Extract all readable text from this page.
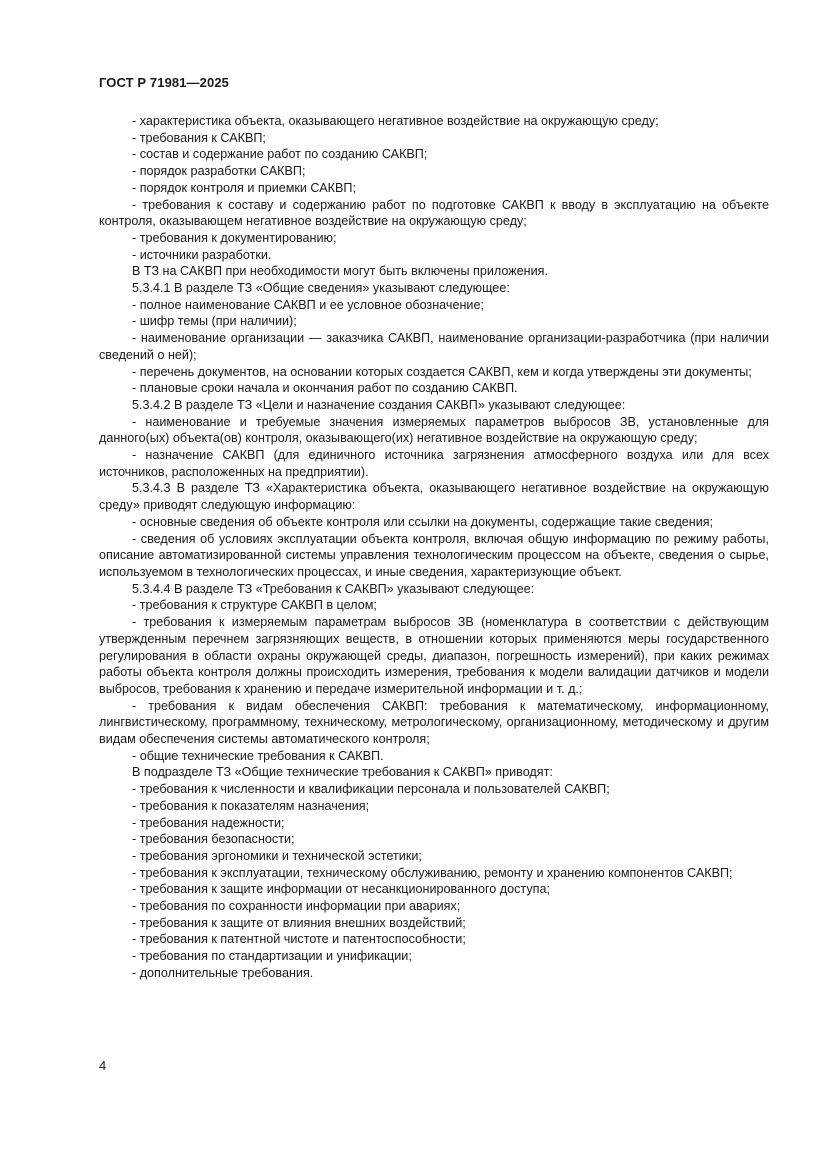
ГОСТ Р 71981—2025

- характеристика объекта, оказывающего негативное воздействие на окружающую среду;

- требования к САКВП;

- состав и содержание работ по созданию САКВП;

- порядок разработки САКВП;

- порядок контроля и приемки САКВП;

- требования к составу и содержанию работ по подготовке САКВП к вводу в эксплуатацию на объекте контроля, оказывающем негативное воздействие на окружающую среду;

- требования к документированию;

- источники разработки.

В ТЗ на САКВП при необходимости могут быть включены приложения.

5.3.4.1 В разделе ТЗ «Общие сведения» указывают следующее:

- полное наименование САКВП и ее условное обозначение;

- шифр темы (при наличии);

- наименование организации — заказчика САКВП, наименование организации-разработчика (при наличии сведений о ней);

- перечень документов, на основании которых создается САКВП, кем и когда утверждены эти документы;

- плановые сроки начала и окончания работ по созданию САКВП.

5.3.4.2 В разделе ТЗ «Цели и назначение создания САКВП» указывают следующее:

- наименование и требуемые значения измеряемых параметров выбросов ЗВ, установленные для данного(ых) объекта(ов) контроля, оказывающего(их) негативное воздействие на окружающую среду;

- назначение САКВП (для единичного источника загрязнения атмосферного воздуха или для всех источников, расположенных на предприятии).

5.3.4.3 В разделе ТЗ «Характеристика объекта, оказывающего негативное воздействие на окружающую среду» приводят следующую информацию:

- основные сведения об объекте контроля или ссылки на документы, содержащие такие сведения;

- сведения об условиях эксплуатации объекта контроля, включая общую информацию по режиму работы, описание автоматизированной системы управления технологическим процессом на объекте, сведения о сырье, используемом в технологических процессах, и иные сведения, характеризующие объект.

5.3.4.4 В разделе ТЗ «Требования к САКВП» указывают следующее:

- требования к структуре САКВП в целом;

- требования к измеряемым параметрам выбросов ЗВ (номенклатура в соответствии с действующим утвержденным перечнем загрязняющих веществ, в отношении которых применяются меры государственного регулирования в области охраны окружающей среды, диапазон, погрешность измерений), при каких режимах работы объекта контроля должны происходить измерения, требования к модели валидации датчиков и модели выбросов, требования к хранению и передаче измерительной информации и т. д.;

- требования к видам обеспечения САКВП: требования к математическому, информационному, лингвистическому, программному, техническому, метрологическому, организационному, методическому и другим видам обеспечения системы автоматического контроля;

- общие технические требования к САКВП.

В подразделе ТЗ «Общие технические требования к САКВП» приводят:

- требования к численности и квалификации персонала и пользователей САКВП;

- требования к показателям назначения;

- требования надежности;

- требования безопасности;

- требования эргономики и технической эстетики;

- требования к эксплуатации, техническому обслуживанию, ремонту и хранению компонентов САКВП;

- требования к защите информации от несанкционированного доступа;

- требования по сохранности информации при авариях;

- требования к защите от влияния внешних воздействий;

- требования к патентной чистоте и патентоспособности;

- требования по стандартизации и унификации;

- дополнительные требования.

4
